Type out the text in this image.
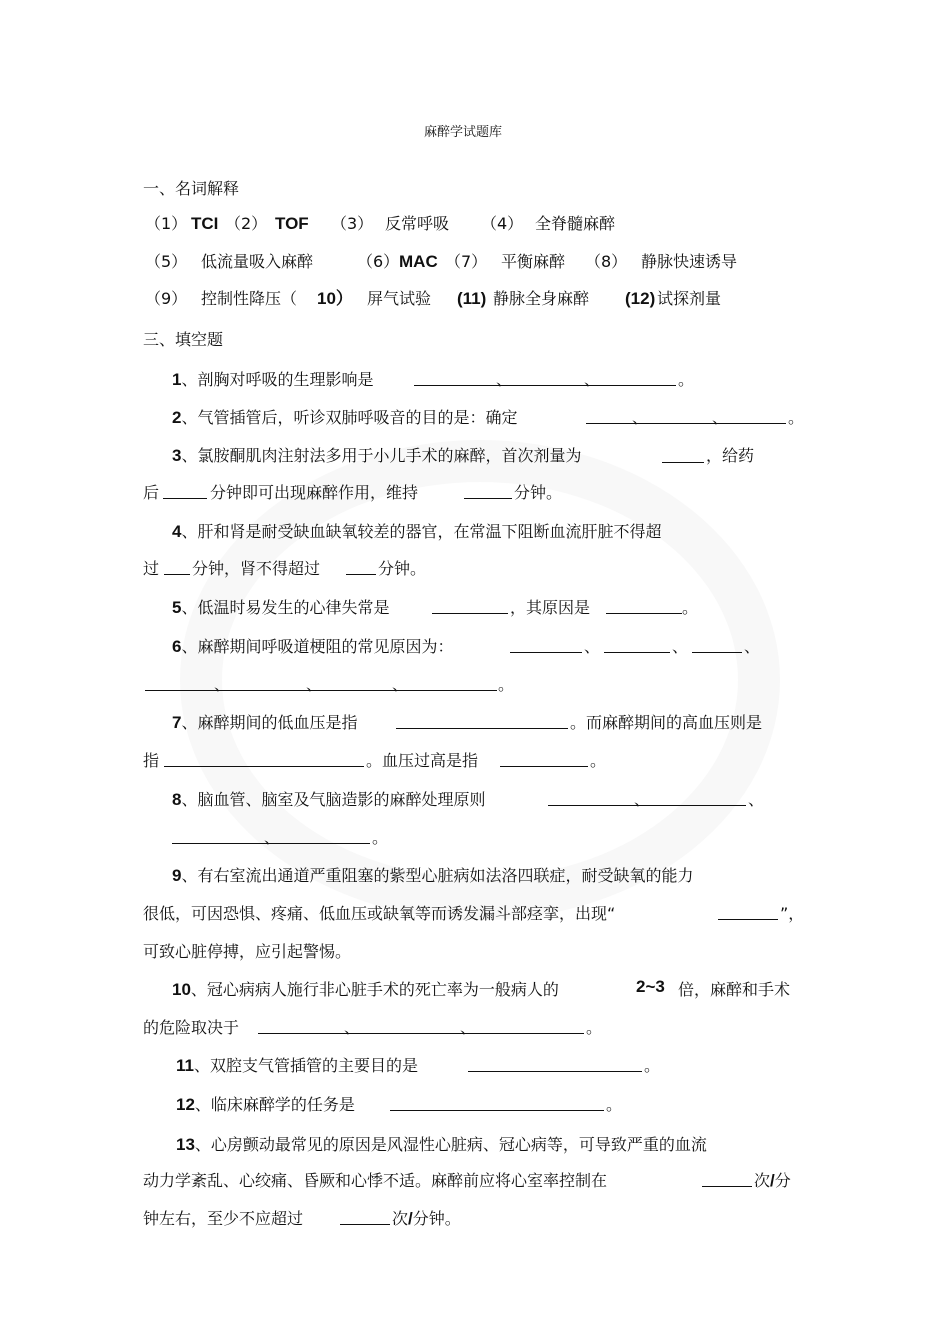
麻醉学试题库
一、名词解释
（1） TCI （2） TOF （3） 反常呼吸 （4） 全脊髓麻醉
（5） 低流量吸入麻醉	（6） MAC （7） 平衡麻醉 （8） 静脉快速诱导
（9） 控制性降压（ 10） 屏气试验 (11) 静脉全身麻醉 (12) 试探剂量
三、填空题
1、剖胸对呼吸的生理影响是	、	、	。
2、气管插管后，听诊双肺呼吸音的目的是：确定	、	、	。
3、氯胺酮肌肉注射法多用于小儿手术的麻醉，首次剂量为	，给药
后	分钟即可出现麻醉作用，维持	分钟。
4、肝和肾是耐受缺血缺氧较差的器官，在常温下阻断血流肝脏不得超
过 分钟，肾不得超过	分钟。
5、低温时易发生的心律失常是	，其原因是	。
6、麻醉期间呼吸道梗阻的常见原因为：	、	、	、
、	、	、	。
7、麻醉期间的低血压是指	。而麻醉期间的高血压则是
指	。血压过高是指	。
8、脑血管、脑室及气脑造影的麻醉处理原则	、	、
、	。
9、有右室流出通道严重阻塞的紫型心脏病如法洛四联症，耐受缺氧的能力
很低，可因恐惧、疼痛、低血压或缺氧等而诱发漏斗部痉挛，出现“	”，
可致心脏停搏，应引起警惕。
10、冠心病病人施行非心脏手术的死亡率为一般病人的	2~3 倍，麻醉和手术
的危险取决于	、	、	。
11、双腔支气管插管的主要目的是	。
12、临床麻醉学的任务是	。
13、心房颤动最常见的原因是风湿性心脏病、冠心病等，可导致严重的血流
动力学紊乱、心绞痛、昏厥和心悸不适。麻醉前应将心室率控制在	次/分
钟左右，至少不应超过	次/分钟。
